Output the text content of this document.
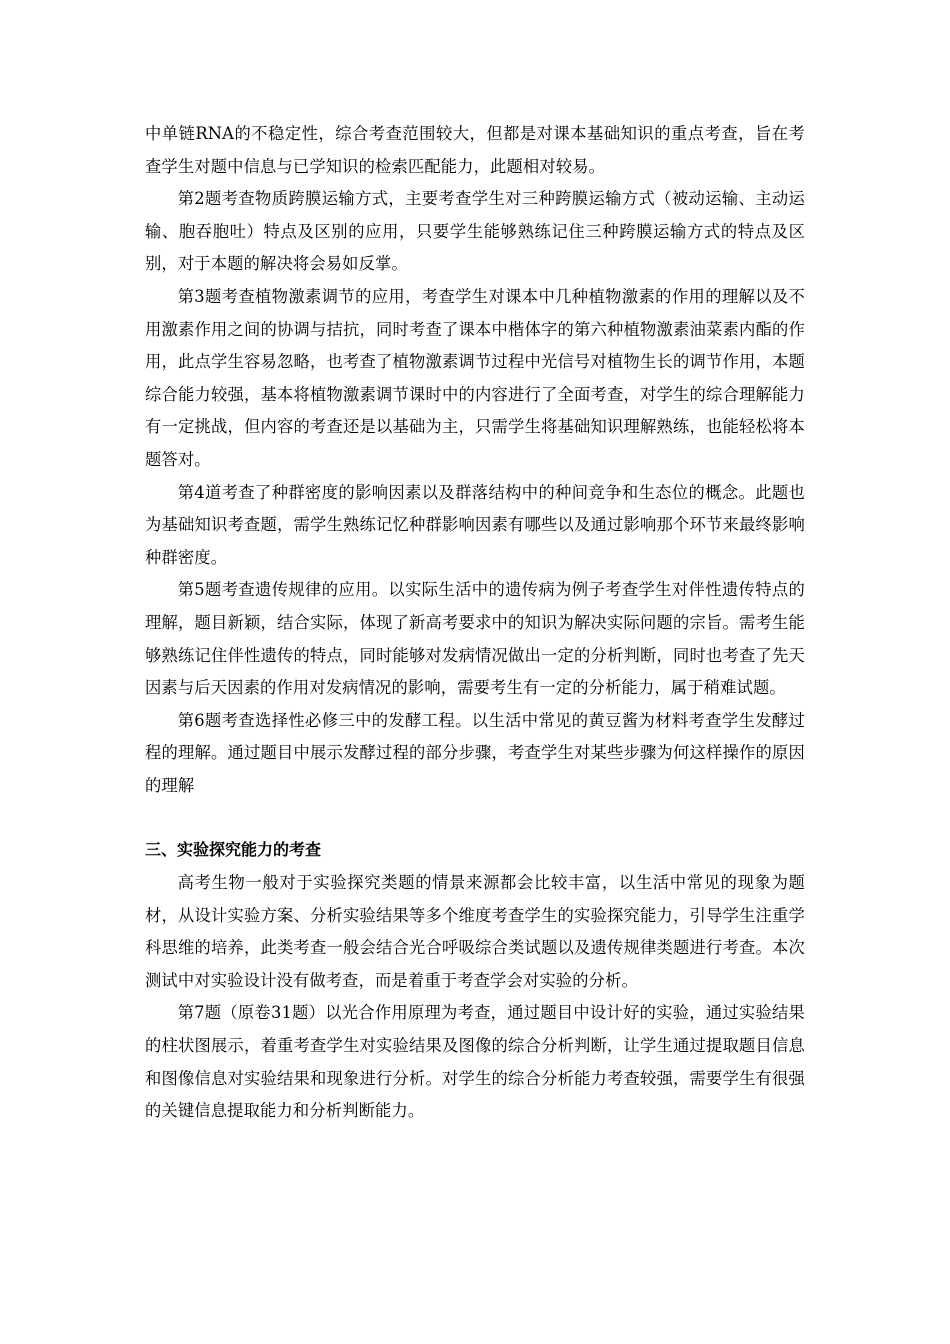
中单链RNA的不稳定性，综合考查范围较大，但都是对课本基础知识的重点考查，旨在考查学生对题中信息与已学知识的检索匹配能力，此题相对较易。

第2题考查物质跨膜运输方式，主要考查学生对三种跨膜运输方式（被动运输、主动运输、胞吞胞吐）特点及区别的应用，只要学生能够熟练记住三种跨膜运输方式的特点及区别，对于本题的解决将会易如反掌。

第3题考查植物激素调节的应用，考查学生对课本中几种植物激素的作用的理解以及不用激素作用之间的协调与拮抗，同时考查了课本中楷体字的第六种植物激素油菜素内酯的作用，此点学生容易忽略，也考查了植物激素调节过程中光信号对植物生长的调节作用，本题综合能力较强，基本将植物激素调节课时中的内容进行了全面考查，对学生的综合理解能力有一定挑战，但内容的考查还是以基础为主，只需学生将基础知识理解熟练，也能轻松将本题答对。

第4道考查了种群密度的影响因素以及群落结构中的种间竞争和生态位的概念。此题也为基础知识考查题，需学生熟练记忆种群影响因素有哪些以及通过影响那个环节来最终影响种群密度。

第5题考查遗传规律的应用。以实际生活中的遗传病为例子考查学生对伴性遗传特点的理解，题目新颖，结合实际，体现了新高考要求中的知识为解决实际问题的宗旨。需考生能够熟练记住伴性遗传的特点，同时能够对发病情况做出一定的分析判断，同时也考查了先天因素与后天因素的作用对发病情况的影响，需要考生有一定的分析能力，属于稍难试题。

第6题考查选择性必修三中的发酵工程。以生活中常见的黄豆酱为材料考查学生发酵过程的理解。通过题目中展示发酵过程的部分步骤，考查学生对某些步骤为何这样操作的原因的理解

三、实验探究能力的考查

高考生物一般对于实验探究类题的情景来源都会比较丰富，以生活中常见的现象为题材，从设计实验方案、分析实验结果等多个维度考查学生的实验探究能力，引导学生注重学科思维的培养，此类考查一般会结合光合呼吸综合类试题以及遗传规律类题进行考查。本次测试中对实验设计没有做考查，而是着重于考查学会对实验的分析。

第7题（原卷31题）以光合作用原理为考查，通过题目中设计好的实验，通过实验结果的柱状图展示，着重考查学生对实验结果及图像的综合分析判断，让学生通过提取题目信息和图像信息对实验结果和现象进行分析。对学生的综合分析能力考查较强，需要学生有很强的关键信息提取能力和分析判断能力。
